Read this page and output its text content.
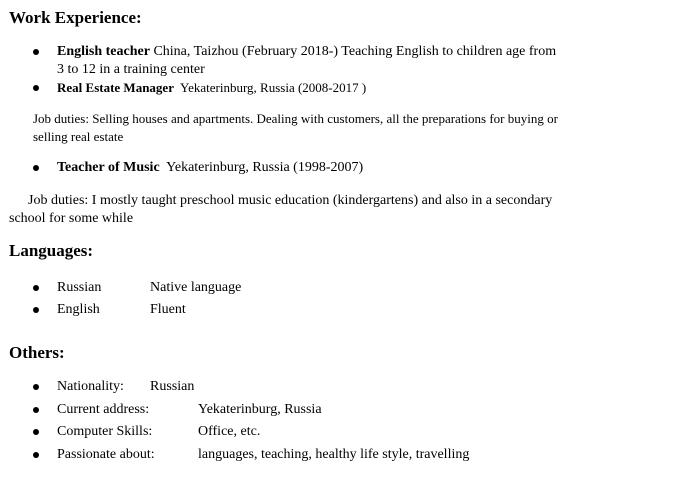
Work Experience:
English teacher China, Taizhou (February 2018-) Teaching English to children age from
3 to 12 in a training center
Real Estate Manager Yekaterinburg, Russia (2008-2017 )

Job duties: Selling houses and apartments. Dealing with customers, all the preparations for buying or
selling real estate

Teacher of Music Yekaterinburg, Russia (1998-2007)

Job duties: I mostly taught preschool music education (kindergartens) and also in a secondary
school for some while

Languages:
Russian	Native language
English	Fluent
Others:
Nationality: Russian
Current address:	Yekaterinburg, Russia
Computer Skills:	Office, etc.
Passionate about:	languages, teaching, healthy life style, travelling
